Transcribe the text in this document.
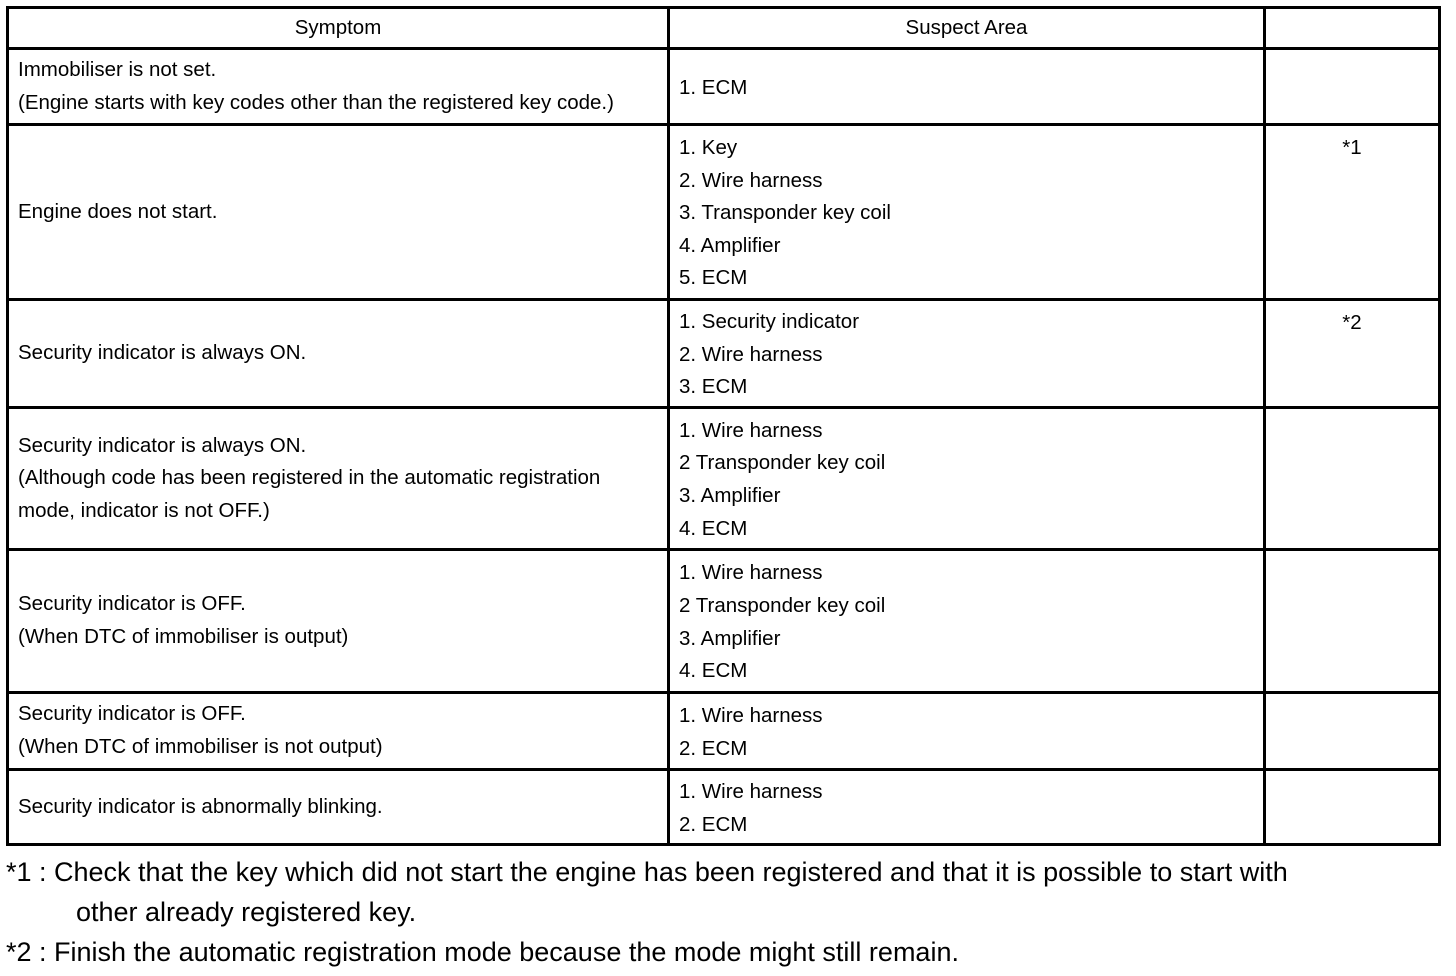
Symptom	Suspect Area	

Immobiliser is not set.
(Engine starts with key codes other than the registered key code.)	1. ECM	

Engine does not start.	1. Key
2. Wire harness
3. Transponder key coil
4. Amplifier
5. ECM	*1

Security indicator is always ON.	1. Security indicator
2. Wire harness
3. ECM	*2

Security indicator is always ON.
(Although code has been registered in the automatic registration
mode, indicator is not OFF.)	1. Wire harness
2 Transponder key coil
3. Amplifier
4. ECM	

Security indicator is OFF.
(When DTC of immobiliser is output)	1. Wire harness
2 Transponder key coil
3. Amplifier
4. ECM	

Security indicator is OFF.
(When DTC of immobiliser is not output)	1. Wire harness
2. ECM	

Security indicator is abnormally blinking.	1. Wire harness
2. ECM	

*1 : Check that the key which did not start the engine has been registered and that it is possible to start with
other already registered key.
*2 : Finish the automatic registration mode because the mode might still remain.
